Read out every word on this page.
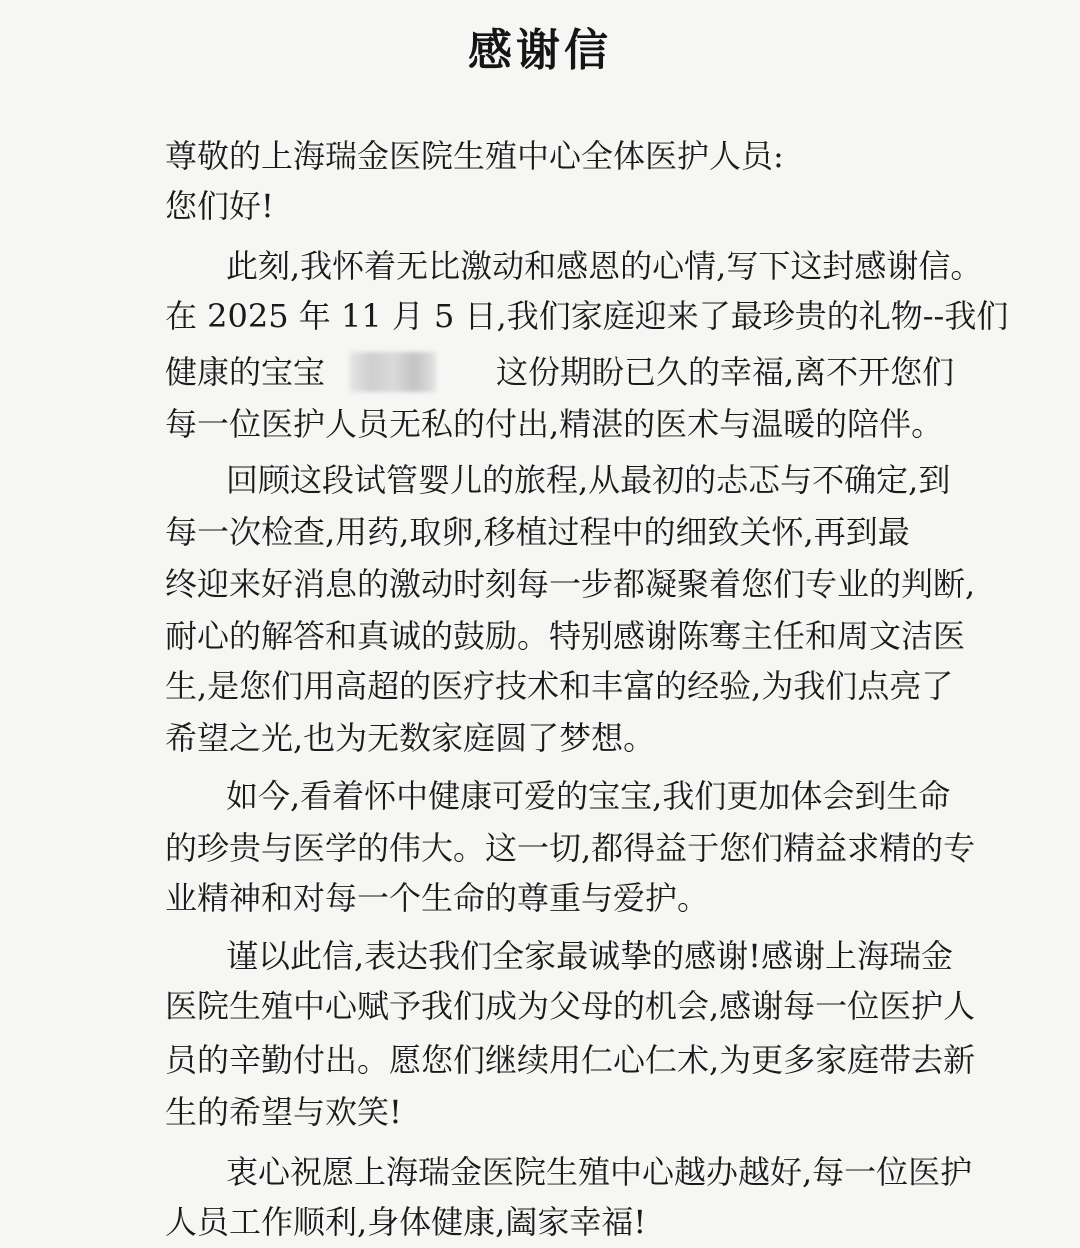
感谢信
尊敬的上海瑞金医院生殖中心全体医护人员:
您们好!
此刻,我怀着无比激动和感恩的心情,写下这封感谢信。
在 2025 年 11 月 5 日,我们家庭迎来了最珍贵的礼物--我们
健康的宝宝	这份期盼已久的幸福,离不开您们
每一位医护人员无私的付出,精湛的医术与温暖的陪伴。
回顾这段试管婴儿的旅程,从最初的忐忑与不确定,到
每一次检查,用药,取卵,移植过程中的细致关怀,再到最
终迎来好消息的激动时刻每一步都凝聚着您们专业的判断,
耐心的解答和真诚的鼓励。特别感谢陈骞主任和周文洁医
生,是您们用高超的医疗技术和丰富的经验,为我们点亮了
希望之光,也为无数家庭圆了梦想。
如今,看着怀中健康可爱的宝宝,我们更加体会到生命
的珍贵与医学的伟大。这一切,都得益于您们精益求精的专
业精神和对每一个生命的尊重与爱护。
谨以此信,表达我们全家最诚挚的感谢!感谢上海瑞金
医院生殖中心赋予我们成为父母的机会,感谢每一位医护人
员的辛勤付出。愿您们继续用仁心仁术,为更多家庭带去新
生的希望与欢笑!
衷心祝愿上海瑞金医院生殖中心越办越好,每一位医护
人员工作顺利,身体健康,阖家幸福!
